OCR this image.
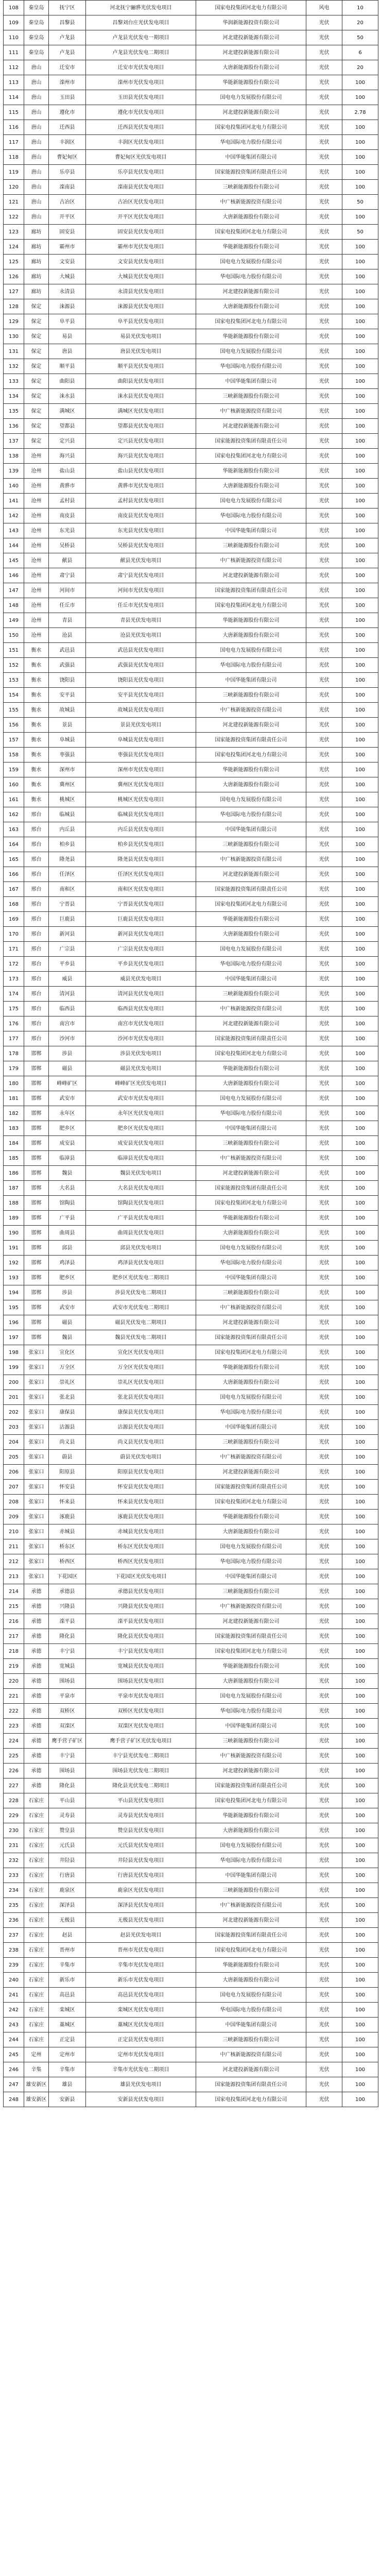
108	秦皇岛	抚宁区	河北抚宁骊骅光伏发电项目	国家电投集团河北电力有限公司	风电	10
109	秦皇岛	昌黎县	昌黎刘台庄光伏发电项目	华润新能源投资有限公司	光伏	20
110	秦皇岛	卢龙县	卢龙县光伏发电一期项目	河北建投新能源有限公司	光伏	50
111	秦皇岛	卢龙县	卢龙县光伏发电二期项目	河北建投新能源有限公司	光伏	6
112	唐山	迁安市	迁安市光伏发电项目	大唐新能源股份有限公司	光伏	20
113	唐山	滦州市	滦州市光伏发电项目	华能新能源股份有限公司	光伏	100
114	唐山	玉田县	玉田县光伏发电项目	国电电力发展股份有限公司	光伏	100
115	唐山	遵化市	遵化市光伏发电项目	河北建投新能源有限公司	光伏	2.78
116	唐山	迁西县	迁西县光伏发电项目	国家电投集团河北电力有限公司	光伏	100
117	唐山	丰润区	丰润区光伏发电项目	华电国际电力股份有限公司	光伏	100
118	唐山	曹妃甸区	曹妃甸区光伏发电项目	中国华能集团有限公司	光伏	100
119	唐山	乐亭县	乐亭县光伏发电项目	国家能源投资集团有限责任公司	光伏	100
120	唐山	滦南县	滦南县光伏发电项目	三峡新能源股份有限公司	光伏	100
121	唐山	古冶区	古冶区光伏发电项目	中广核新能源投资有限公司	光伏	50
122	唐山	开平区	开平区光伏发电项目	大唐新能源股份有限公司	光伏	100
123	廊坊	固安县	固安县光伏发电项目	国家电投集团河北电力有限公司	光伏	50
124	廊坊	霸州市	霸州市光伏发电项目	华能新能源股份有限公司	光伏	100
125	廊坊	文安县	文安县光伏发电项目	国电电力发展股份有限公司	光伏	100
126	廊坊	大城县	大城县光伏发电项目	华电国际电力股份有限公司	光伏	100
127	廊坊	永清县	永清县光伏发电项目	河北建投新能源有限公司	光伏	100
128	保定	涞源县	涞源县光伏发电项目	大唐新能源股份有限公司	光伏	100
129	保定	阜平县	阜平县光伏发电项目	国家电投集团河北电力有限公司	光伏	100
130	保定	易县	易县光伏发电项目	华能新能源股份有限公司	光伏	100
131	保定	唐县	唐县光伏发电项目	国电电力发展股份有限公司	光伏	100
132	保定	顺平县	顺平县光伏发电项目	华电国际电力股份有限公司	光伏	100
133	保定	曲阳县	曲阳县光伏发电项目	中国华能集团有限公司	光伏	100
134	保定	涞水县	涞水县光伏发电项目	三峡新能源股份有限公司	光伏	100
135	保定	满城区	满城区光伏发电项目	中广核新能源投资有限公司	光伏	100
136	保定	望都县	望都县光伏发电项目	河北建投新能源有限公司	光伏	100
137	保定	定兴县	定兴县光伏发电项目	国家能源投资集团有限责任公司	光伏	100
138	沧州	海兴县	海兴县光伏发电项目	国家电投集团河北电力有限公司	光伏	100
139	沧州	盐山县	盐山县光伏发电项目	华能新能源股份有限公司	光伏	100
140	沧州	黄骅市	黄骅市光伏发电项目	大唐新能源股份有限公司	光伏	100
141	沧州	孟村县	孟村县光伏发电项目	国电电力发展股份有限公司	光伏	100
142	沧州	南皮县	南皮县光伏发电项目	华电国际电力股份有限公司	光伏	100
143	沧州	东光县	东光县光伏发电项目	中国华能集团有限公司	光伏	100
144	沧州	吴桥县	吴桥县光伏发电项目	三峡新能源股份有限公司	光伏	100
145	沧州	献县	献县光伏发电项目	中广核新能源投资有限公司	光伏	100
146	沧州	肃宁县	肃宁县光伏发电项目	河北建投新能源有限公司	光伏	100
147	沧州	河间市	河间市光伏发电项目	国家能源投资集团有限责任公司	光伏	100
148	沧州	任丘市	任丘市光伏发电项目	国家电投集团河北电力有限公司	光伏	100
149	沧州	青县	青县光伏发电项目	华能新能源股份有限公司	光伏	100
150	沧州	沧县	沧县光伏发电项目	大唐新能源股份有限公司	光伏	100
151	衡水	武邑县	武邑县光伏发电项目	国电电力发展股份有限公司	光伏	100
152	衡水	武强县	武强县光伏发电项目	华电国际电力股份有限公司	光伏	100
153	衡水	饶阳县	饶阳县光伏发电项目	中国华能集团有限公司	光伏	100
154	衡水	安平县	安平县光伏发电项目	三峡新能源股份有限公司	光伏	100
155	衡水	故城县	故城县光伏发电项目	中广核新能源投资有限公司	光伏	100
156	衡水	景县	景县光伏发电项目	河北建投新能源有限公司	光伏	100
157	衡水	阜城县	阜城县光伏发电项目	国家能源投资集团有限责任公司	光伏	100
158	衡水	枣强县	枣强县光伏发电项目	国家电投集团河北电力有限公司	光伏	100
159	衡水	深州市	深州市光伏发电项目	华能新能源股份有限公司	光伏	100
160	衡水	冀州区	冀州区光伏发电项目	大唐新能源股份有限公司	光伏	100
161	衡水	桃城区	桃城区光伏发电项目	国电电力发展股份有限公司	光伏	100
162	邢台	临城县	临城县光伏发电项目	华电国际电力股份有限公司	光伏	100
163	邢台	内丘县	内丘县光伏发电项目	中国华能集团有限公司	光伏	100
164	邢台	柏乡县	柏乡县光伏发电项目	三峡新能源股份有限公司	光伏	100
165	邢台	隆尧县	隆尧县光伏发电项目	中广核新能源投资有限公司	光伏	100
166	邢台	任泽区	任泽区光伏发电项目	河北建投新能源有限公司	光伏	100
167	邢台	南和区	南和区光伏发电项目	国家能源投资集团有限责任公司	光伏	100
168	邢台	宁晋县	宁晋县光伏发电项目	国家电投集团河北电力有限公司	光伏	100
169	邢台	巨鹿县	巨鹿县光伏发电项目	华能新能源股份有限公司	光伏	100
170	邢台	新河县	新河县光伏发电项目	大唐新能源股份有限公司	光伏	100
171	邢台	广宗县	广宗县光伏发电项目	国电电力发展股份有限公司	光伏	100
172	邢台	平乡县	平乡县光伏发电项目	华电国际电力股份有限公司	光伏	100
173	邢台	威县	威县光伏发电项目	中国华能集团有限公司	光伏	100
174	邢台	清河县	清河县光伏发电项目	三峡新能源股份有限公司	光伏	100
175	邢台	临西县	临西县光伏发电项目	中广核新能源投资有限公司	光伏	100
176	邢台	南宫市	南宫市光伏发电项目	河北建投新能源有限公司	光伏	100
177	邢台	沙河市	沙河市光伏发电项目	国家能源投资集团有限责任公司	光伏	100
178	邯郸	涉县	涉县光伏发电项目	国家电投集团河北电力有限公司	光伏	100
179	邯郸	磁县	磁县光伏发电项目	华能新能源股份有限公司	光伏	100
180	邯郸	峰峰矿区	峰峰矿区光伏发电项目	大唐新能源股份有限公司	光伏	100
181	邯郸	武安市	武安市光伏发电项目	国电电力发展股份有限公司	光伏	100
182	邯郸	永年区	永年区光伏发电项目	华电国际电力股份有限公司	光伏	100
183	邯郸	肥乡区	肥乡区光伏发电项目	中国华能集团有限公司	光伏	100
184	邯郸	成安县	成安县光伏发电项目	三峡新能源股份有限公司	光伏	100
185	邯郸	临漳县	临漳县光伏发电项目	中广核新能源投资有限公司	光伏	100
186	邯郸	魏县	魏县光伏发电项目	河北建投新能源有限公司	光伏	100
187	邯郸	大名县	大名县光伏发电项目	国家能源投资集团有限责任公司	光伏	100
188	邯郸	馆陶县	馆陶县光伏发电项目	国家电投集团河北电力有限公司	光伏	100
189	邯郸	广平县	广平县光伏发电项目	华能新能源股份有限公司	光伏	100
190	邯郸	曲周县	曲周县光伏发电项目	大唐新能源股份有限公司	光伏	100
191	邯郸	邱县	邱县光伏发电项目	国电电力发展股份有限公司	光伏	100
192	邯郸	鸡泽县	鸡泽县光伏发电项目	华电国际电力股份有限公司	光伏	100
193	邯郸	肥乡区	肥乡区光伏发电二期项目	中国华能集团有限公司	光伏	100
194	邯郸	涉县	涉县光伏发电二期项目	三峡新能源股份有限公司	光伏	100
195	邯郸	武安市	武安市光伏发电二期项目	中广核新能源投资有限公司	光伏	100
196	邯郸	磁县	磁县光伏发电二期项目	河北建投新能源有限公司	光伏	100
197	邯郸	魏县	魏县光伏发电二期项目	国家能源投资集团有限责任公司	光伏	100
198	张家口	宣化区	宣化区光伏发电项目	国家电投集团河北电力有限公司	光伏	100
199	张家口	万全区	万全区光伏发电项目	华能新能源股份有限公司	光伏	100
200	张家口	崇礼区	崇礼区光伏发电项目	大唐新能源股份有限公司	光伏	100
201	张家口	张北县	张北县光伏发电项目	国电电力发展股份有限公司	光伏	100
202	张家口	康保县	康保县光伏发电项目	华电国际电力股份有限公司	光伏	100
203	张家口	沽源县	沽源县光伏发电项目	中国华能集团有限公司	光伏	100
204	张家口	尚义县	尚义县光伏发电项目	三峡新能源股份有限公司	光伏	100
205	张家口	蔚县	蔚县光伏发电项目	中广核新能源投资有限公司	光伏	100
206	张家口	阳原县	阳原县光伏发电项目	河北建投新能源有限公司	光伏	100
207	张家口	怀安县	怀安县光伏发电项目	国家能源投资集团有限责任公司	光伏	100
208	张家口	怀来县	怀来县光伏发电项目	国家电投集团河北电力有限公司	光伏	100
209	张家口	涿鹿县	涿鹿县光伏发电项目	华能新能源股份有限公司	光伏	100
210	张家口	赤城县	赤城县光伏发电项目	大唐新能源股份有限公司	光伏	100
211	张家口	桥东区	桥东区光伏发电项目	国电电力发展股份有限公司	光伏	100
212	张家口	桥西区	桥西区光伏发电项目	华电国际电力股份有限公司	光伏	100
213	张家口	下花园区	下花园区光伏发电项目	中国华能集团有限公司	光伏	100
214	承德	承德县	承德县光伏发电项目	三峡新能源股份有限公司	光伏	100
215	承德	兴隆县	兴隆县光伏发电项目	中广核新能源投资有限公司	光伏	100
216	承德	滦平县	滦平县光伏发电项目	河北建投新能源有限公司	光伏	100
217	承德	隆化县	隆化县光伏发电项目	国家能源投资集团有限责任公司	光伏	100
218	承德	丰宁县	丰宁县光伏发电项目	国家电投集团河北电力有限公司	光伏	100
219	承德	宽城县	宽城县光伏发电项目	华能新能源股份有限公司	光伏	100
220	承德	围场县	围场县光伏发电项目	大唐新能源股份有限公司	光伏	100
221	承德	平泉市	平泉市光伏发电项目	国电电力发展股份有限公司	光伏	100
222	承德	双桥区	双桥区光伏发电项目	华电国际电力股份有限公司	光伏	100
223	承德	双滦区	双滦区光伏发电项目	中国华能集团有限公司	光伏	100
224	承德	鹰手营子矿区	鹰手营子矿区光伏发电项目	三峡新能源股份有限公司	光伏	100
225	承德	丰宁县	丰宁县光伏发电二期项目	中广核新能源投资有限公司	光伏	100
226	承德	围场县	围场县光伏发电二期项目	河北建投新能源有限公司	光伏	100
227	承德	隆化县	隆化县光伏发电二期项目	国家能源投资集团有限责任公司	光伏	100
228	石家庄	平山县	平山县光伏发电项目	国家电投集团河北电力有限公司	光伏	100
229	石家庄	灵寿县	灵寿县光伏发电项目	华能新能源股份有限公司	光伏	100
230	石家庄	赞皇县	赞皇县光伏发电项目	大唐新能源股份有限公司	光伏	100
231	石家庄	元氏县	元氏县光伏发电项目	国电电力发展股份有限公司	光伏	100
232	石家庄	井陉县	井陉县光伏发电项目	华电国际电力股份有限公司	光伏	100
233	石家庄	行唐县	行唐县光伏发电项目	中国华能集团有限公司	光伏	100
234	石家庄	鹿泉区	鹿泉区光伏发电项目	三峡新能源股份有限公司	光伏	100
235	石家庄	深泽县	深泽县光伏发电项目	中广核新能源投资有限公司	光伏	100
236	石家庄	无极县	无极县光伏发电项目	河北建投新能源有限公司	光伏	100
237	石家庄	赵县	赵县光伏发电项目	国家能源投资集团有限责任公司	光伏	100
238	石家庄	晋州市	晋州市光伏发电项目	国家电投集团河北电力有限公司	光伏	100
239	石家庄	辛集市	辛集市光伏发电项目	华能新能源股份有限公司	光伏	100
240	石家庄	新乐市	新乐市光伏发电项目	大唐新能源股份有限公司	光伏	100
241	石家庄	高邑县	高邑县光伏发电项目	国电电力发展股份有限公司	光伏	100
242	石家庄	栾城区	栾城区光伏发电项目	华电国际电力股份有限公司	光伏	100
243	石家庄	藁城区	藁城区光伏发电项目	中国华能集团有限公司	光伏	100
244	石家庄	正定县	正定县光伏发电项目	三峡新能源股份有限公司	光伏	100
245	定州	定州市	定州市光伏发电项目	中广核新能源投资有限公司	光伏	100
246	辛集	辛集市	辛集市光伏发电二期项目	河北建投新能源有限公司	光伏	100
247	雄安新区	雄县	雄县光伏发电项目	国家能源投资集团有限责任公司	光伏	100
248	雄安新区	安新县	安新县光伏发电项目	国家电投集团河北电力有限公司	光伏	100
